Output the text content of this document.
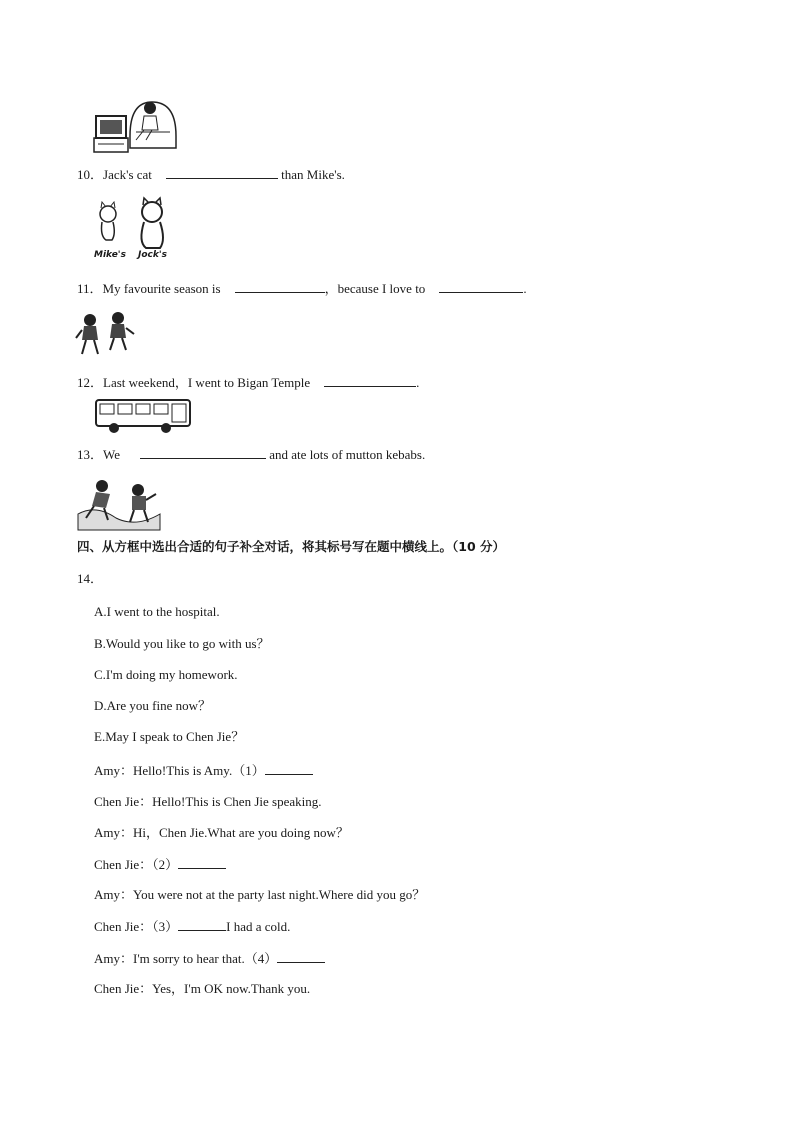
10．Jack's cat	than Mike's.
Mike's Jock's
11．My favourite season is	，because I love to	.
12．Last weekend，I went to Bigan Temple	.
13．We	and ate lots of mutton kebabs.
四、从方框中选出合适的句子补全对话，将其标号写在题中横线上。（10 分）
14．
A.I went to the hospital.
B.Would you like to go with us？
C.I'm doing my homework.
D.Are you fine now？
E.May I speak to Chen Jie？
Amy：Hello!This is Amy.（1）
Chen Jie：Hello!This is Chen Jie speaking.
Amy：Hi，Chen Jie.What are you doing now？
Chen Jie：（2）
Amy：You were not at the party last night.Where did you go？
Chen Jie：（3）	I had a cold.
Amy：I'm sorry to hear that.（4）
Chen Jie：Yes，I'm OK now.Thank you.
